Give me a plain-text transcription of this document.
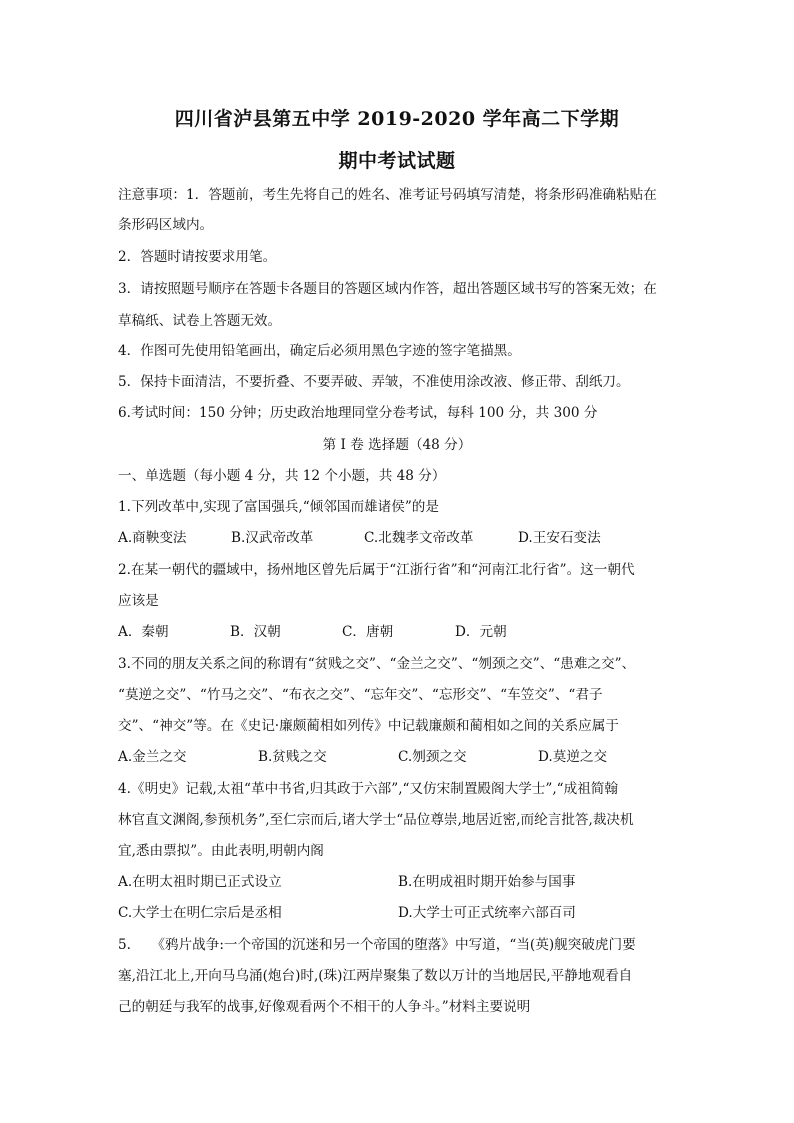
四川省泸县第五中学 2019-2020 学年高二下学期
期中考试试题

注意事项：1．答题前，考生先将自己的姓名、准考证号码填写清楚，将条形码准确粘贴在

条形码区域内。

2．答题时请按要求用笔。

3．请按照题号顺序在答题卡各题目的答题区域内作答，超出答题区域书写的答案无效；在

草稿纸、试卷上答题无效。

4．作图可先使用铅笔画出，确定后必须用黑色字迹的签字笔描黑。

5．保持卡面清洁，不要折叠、不要弄破、弄皱，不准使用涂改液、修正带、刮纸刀。

6.考试时间：150 分钟；历史政治地理同堂分卷考试，每科 100 分，共 300 分

第 I 卷 选择题（48 分）

一、单选题（每小题 4 分，共 12 个小题，共 48 分）

1.下列改革中,实现了富国强兵,“倾邻国而雄诸侯”的是

A.商鞅变法	B.汉武帝改革	C.北魏孝文帝改革	D.王安石变法

2.在某一朝代的疆域中，扬州地区曾先后属于“江浙行省”和“河南江北行省”。这一朝代

应该是

A．秦朝	B．汉朝	C．唐朝	D．元朝

3.不同的朋友关系之间的称谓有“贫贱之交”、“金兰之交”、“刎颈之交”、“患难之交”、

“莫逆之交”、“竹马之交”、“布衣之交”、“忘年交”、“忘形交”、“车笠交”、“君子

交”、“神交”等。在《史记·廉颇蔺相如列传》中记载廉颇和蔺相如之间的关系应属于

A.金兰之交	B.贫贱之交	C.刎颈之交	D.莫逆之交

4.《明史》记载,太祖“革中书省,归其政于六部”,“又仿宋制置殿阁大学士”,“成祖简翰

林官直文渊阁,参预机务”,至仁宗而后,诸大学士“品位尊崇,地居近密,而纶言批答,裁决机

宜,悉由票拟”。由此表明,明朝内阁

A.在明太祖时期已正式设立	B.在明成祖时期开始参与国事
C.大学士在明仁宗后是丞相	D.大学士可正式统率六部百司

5.　　《鸦片战争:一个帝国的沉迷和另一个帝国的堕落》中写道，“当(英)舰突破虎门要

塞,沿江北上,开向马乌涌(炮台)时,(珠)江两岸聚集了数以万计的当地居民,平静地观看自

己的朝廷与我军的战事,好像观看两个不相干的人争斗。”材料主要说明
